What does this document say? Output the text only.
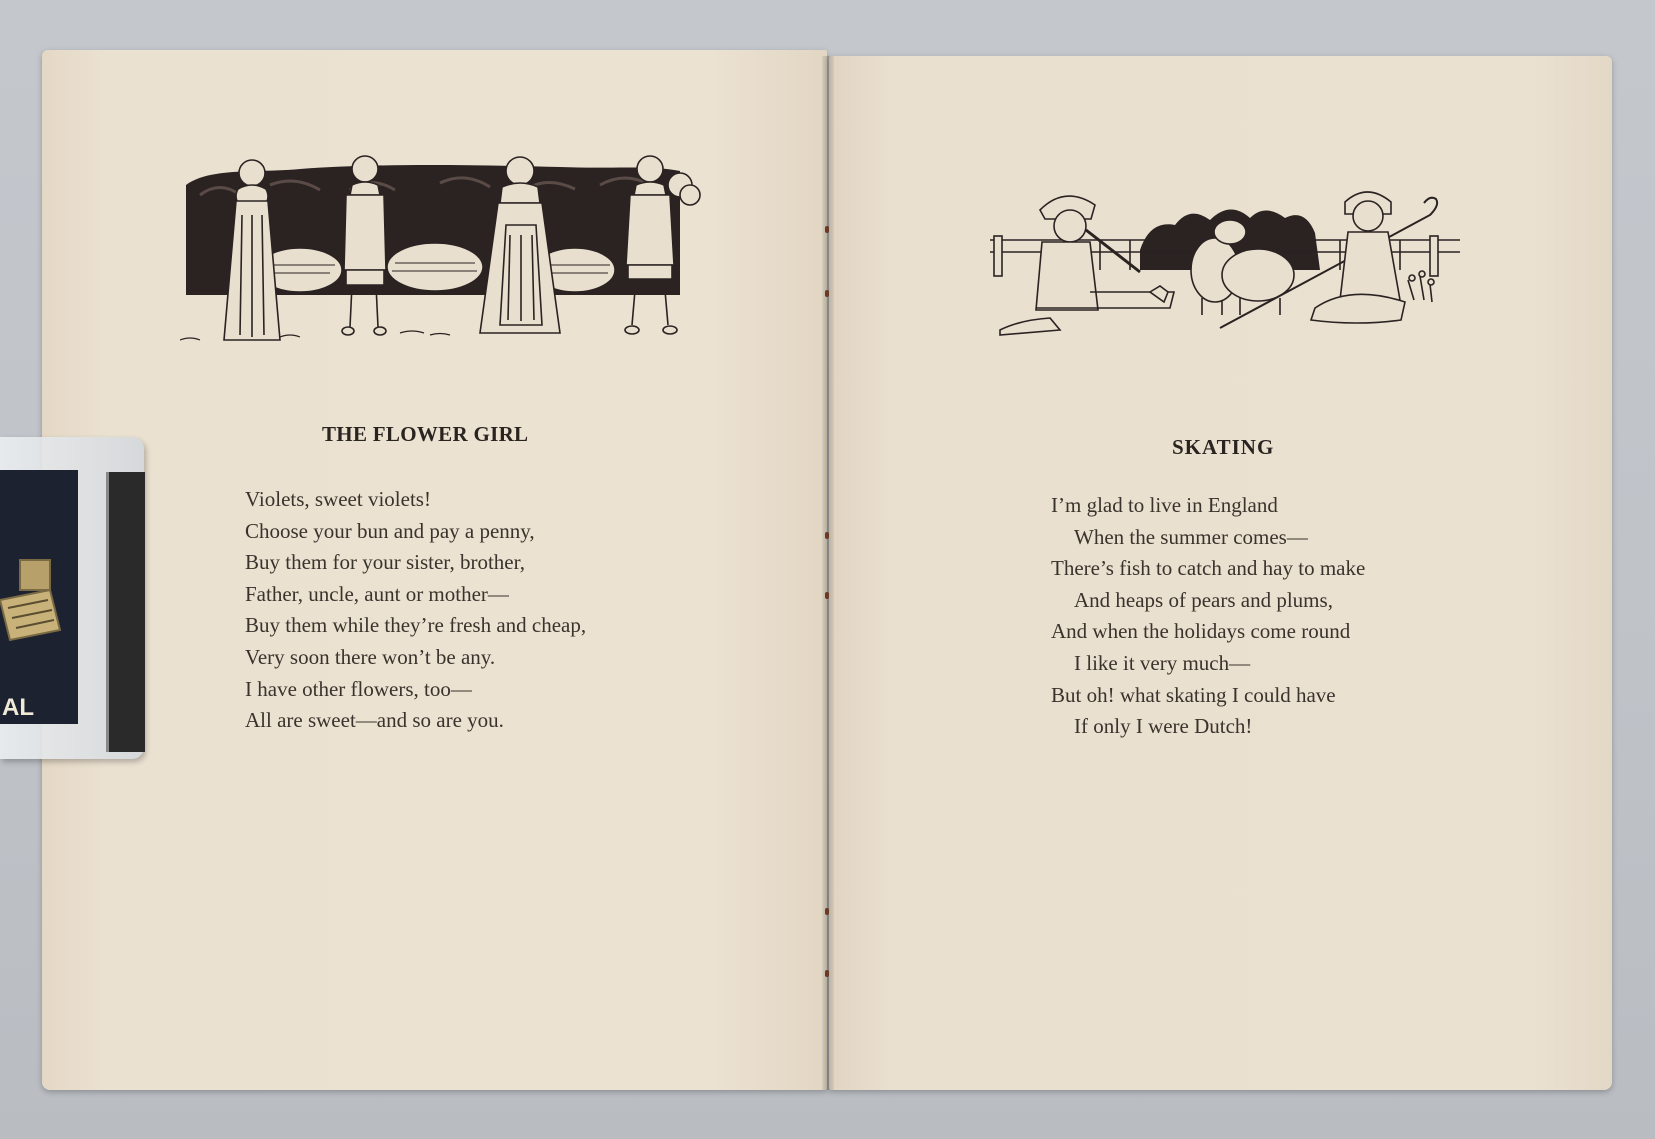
THE FLOWER GIRL
Violets, sweet violets!
Choose your bun and pay a penny,
Buy them for your sister, brother,
Father, uncle, aunt or mother—
Buy them while they’re fresh and cheap,
Very soon there won’t be any.
I have other flowers, too—
All are sweet—and so are you.
SKATING
I’m glad to live in England
When the summer comes—
There’s fish to catch and hay to make
And heaps of pears and plums,
And when the holidays come round
I like it very much—
But oh! what skating I could have
If only I were Dutch!
AL
